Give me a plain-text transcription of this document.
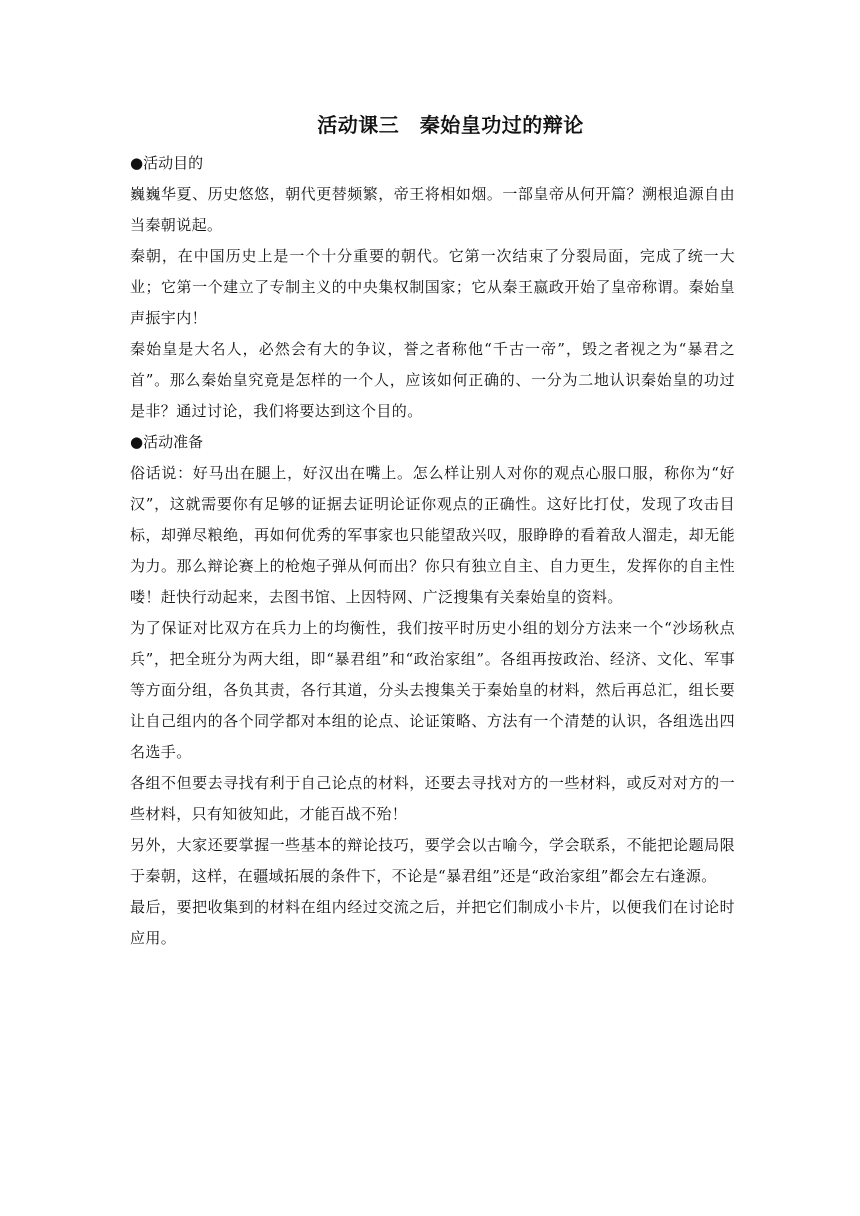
活动课三　秦始皇功过的辩论

●活动目的

巍巍华夏、历史悠悠，朝代更替频繁，帝王将相如烟。一部皇帝从何开篇？溯根追源自由当秦朝说起。

秦朝，在中国历史上是一个十分重要的朝代。它第一次结束了分裂局面，完成了统一大业；它第一个建立了专制主义的中央集权制国家；它从秦王嬴政开始了皇帝称谓。秦始皇声振宇内！

秦始皇是大名人，必然会有大的争议，誉之者称他“千古一帝”，毁之者视之为“暴君之首”。那么秦始皇究竟是怎样的一个人，应该如何正确的、一分为二地认识秦始皇的功过是非？通过讨论，我们将要达到这个目的。

●活动准备

俗话说：好马出在腿上，好汉出在嘴上。怎么样让别人对你的观点心服口服，称你为“好汉”，这就需要你有足够的证据去证明论证你观点的正确性。这好比打仗，发现了攻击目标，却弹尽粮绝，再如何优秀的军事家也只能望敌兴叹，服睁睁的看着敌人溜走，却无能为力。那么辩论赛上的枪炮子弹从何而出？你只有独立自主、自力更生，发挥你的自主性喽！赶快行动起来，去图书馆、上因特网、广泛搜集有关秦始皇的资料。

为了保证对比双方在兵力上的均衡性，我们按平时历史小组的划分方法来一个“沙场秋点兵”，把全班分为两大组，即“暴君组”和“政治家组”。各组再按政治、经济、文化、军事等方面分组，各负其责，各行其道，分头去搜集关于秦始皇的材料，然后再总汇，组长要让自己组内的各个同学都对本组的论点、论证策略、方法有一个清楚的认识，各组选出四名选手。

各组不但要去寻找有利于自己论点的材料，还要去寻找对方的一些材料，或反对对方的一些材料，只有知彼知此，才能百战不殆！

另外，大家还要掌握一些基本的辩论技巧，要学会以古喻今，学会联系，不能把论题局限于秦朝，这样，在疆域拓展的条件下，不论是“暴君组”还是“政治家组”都会左右逢源。

最后，要把收集到的材料在组内经过交流之后，并把它们制成小卡片，以便我们在讨论时应用。
